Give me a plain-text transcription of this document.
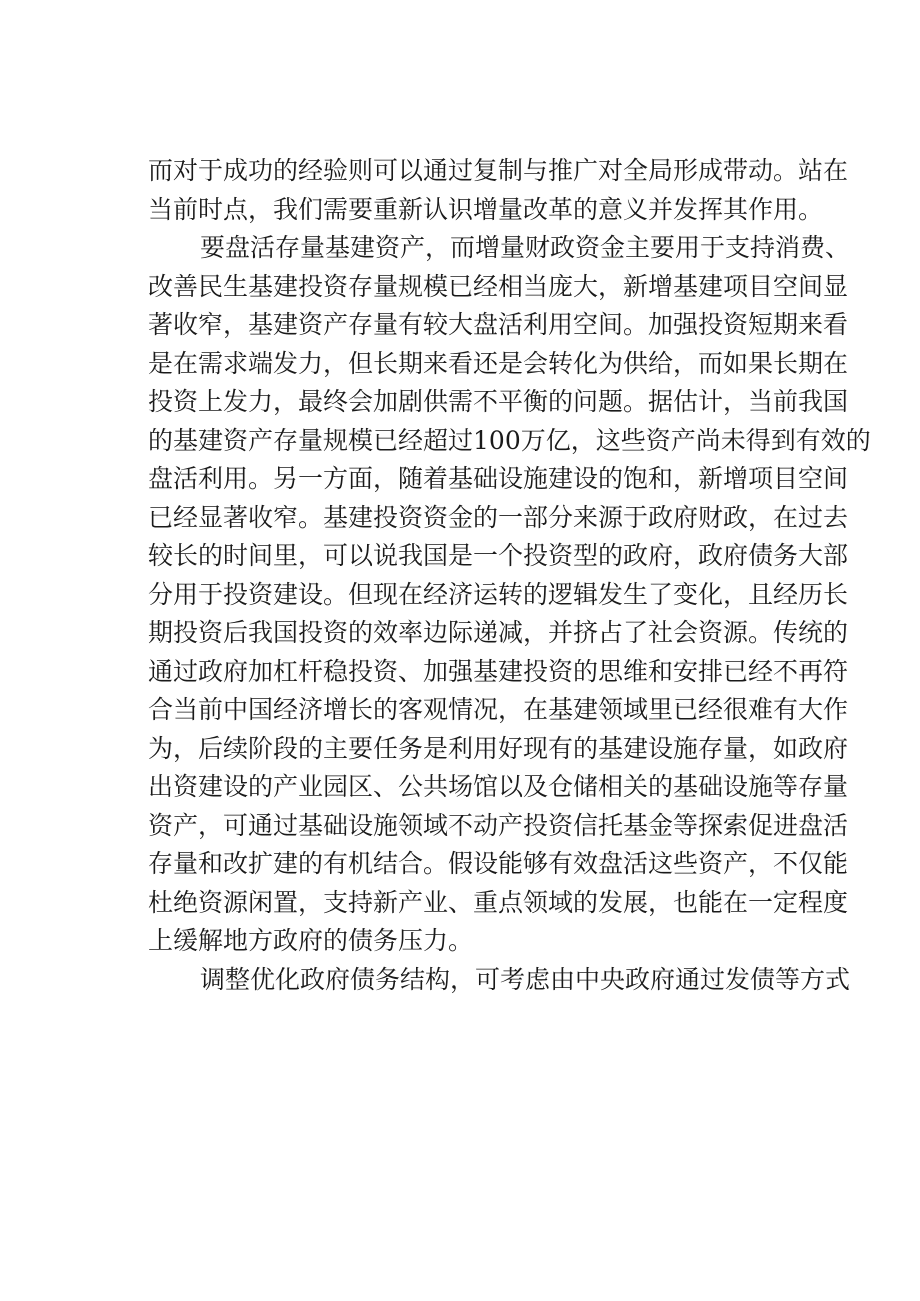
而对于成功的经验则可以通过复制与推广对全局形成带动。站在
当前时点，我们需要重新认识增量改革的意义并发挥其作用。
要盘活存量基建资产，而增量财政资金主要用于支持消费、
改善民生基建投资存量规模已经相当庞大，新增基建项目空间显
著收窄，基建资产存量有较大盘活利用空间。加强投资短期来看
是在需求端发力，但长期来看还是会转化为供给，而如果长期在
投资上发力，最终会加剧供需不平衡的问题。据估计，当前我国
的基建资产存量规模已经超过100万亿，这些资产尚未得到有效的
盘活利用。另一方面，随着基础设施建设的饱和，新增项目空间
已经显著收窄。基建投资资金的一部分来源于政府财政，在过去
较长的时间里，可以说我国是一个投资型的政府，政府债务大部
分用于投资建设。但现在经济运转的逻辑发生了变化，且经历长
期投资后我国投资的效率边际递减，并挤占了社会资源。传统的
通过政府加杠杆稳投资、加强基建投资的思维和安排已经不再符
合当前中国经济增长的客观情况，在基建领域里已经很难有大作
为，后续阶段的主要任务是利用好现有的基建设施存量，如政府
出资建设的产业园区、公共场馆以及仓储相关的基础设施等存量
资产，可通过基础设施领域不动产投资信托基金等探索促进盘活
存量和改扩建的有机结合。假设能够有效盘活这些资产，不仅能
杜绝资源闲置，支持新产业、重点领域的发展，也能在一定程度
上缓解地方政府的债务压力。
调整优化政府债务结构，可考虑由中央政府通过发债等方式
